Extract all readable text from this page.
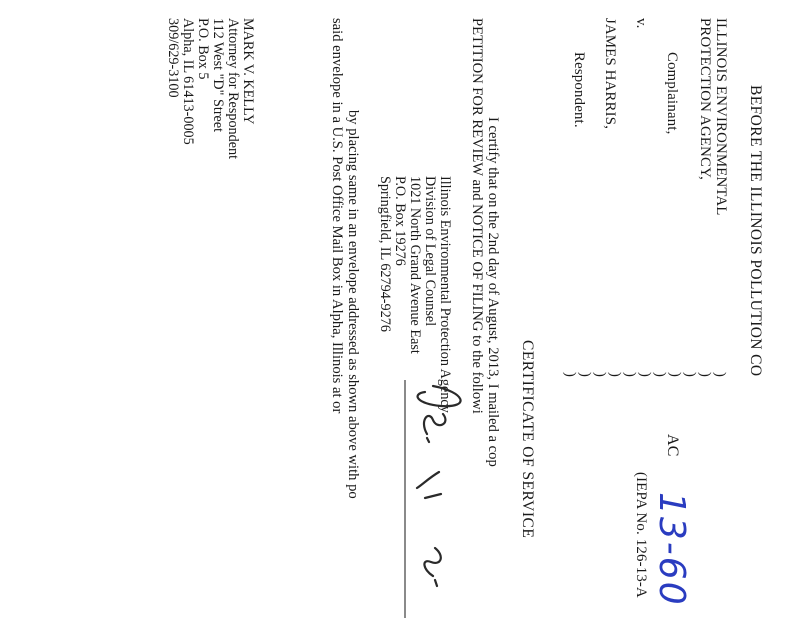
BEFORE THE ILLINOIS POLLUTION CO
ILLINOIS ENVIRONMENTAL
PROTECTION AGENCY,
Complainant,
v.
JAMES HARRIS,
Respondent.
)
)
)
)
)
)
)
)
)
)
)
AC
13-60
(IEPA No. 126-13-A
CERTIFICATE OF SERVICE
I certify that on the 2nd day of August, 2013, I mailed a cop
PETITION FOR REVIEW and NOTICE OF FILING to the followi
Illinois Environmental Protection Agency
Division of Legal Counsel
1021 North Grand Avenue East
P.O. Box 19276
Springfield, IL 62794-9276
by placing same in an envelope addressed as shown above with po
said envelope in a U.S. Post Office Mail Box in Alpha, Illinois at or
MARK V. KELLY
Attorney for Respondent
112 West "D" Street
P.O. Box 5
Alpha, IL 61413-0005
309/629-3100
